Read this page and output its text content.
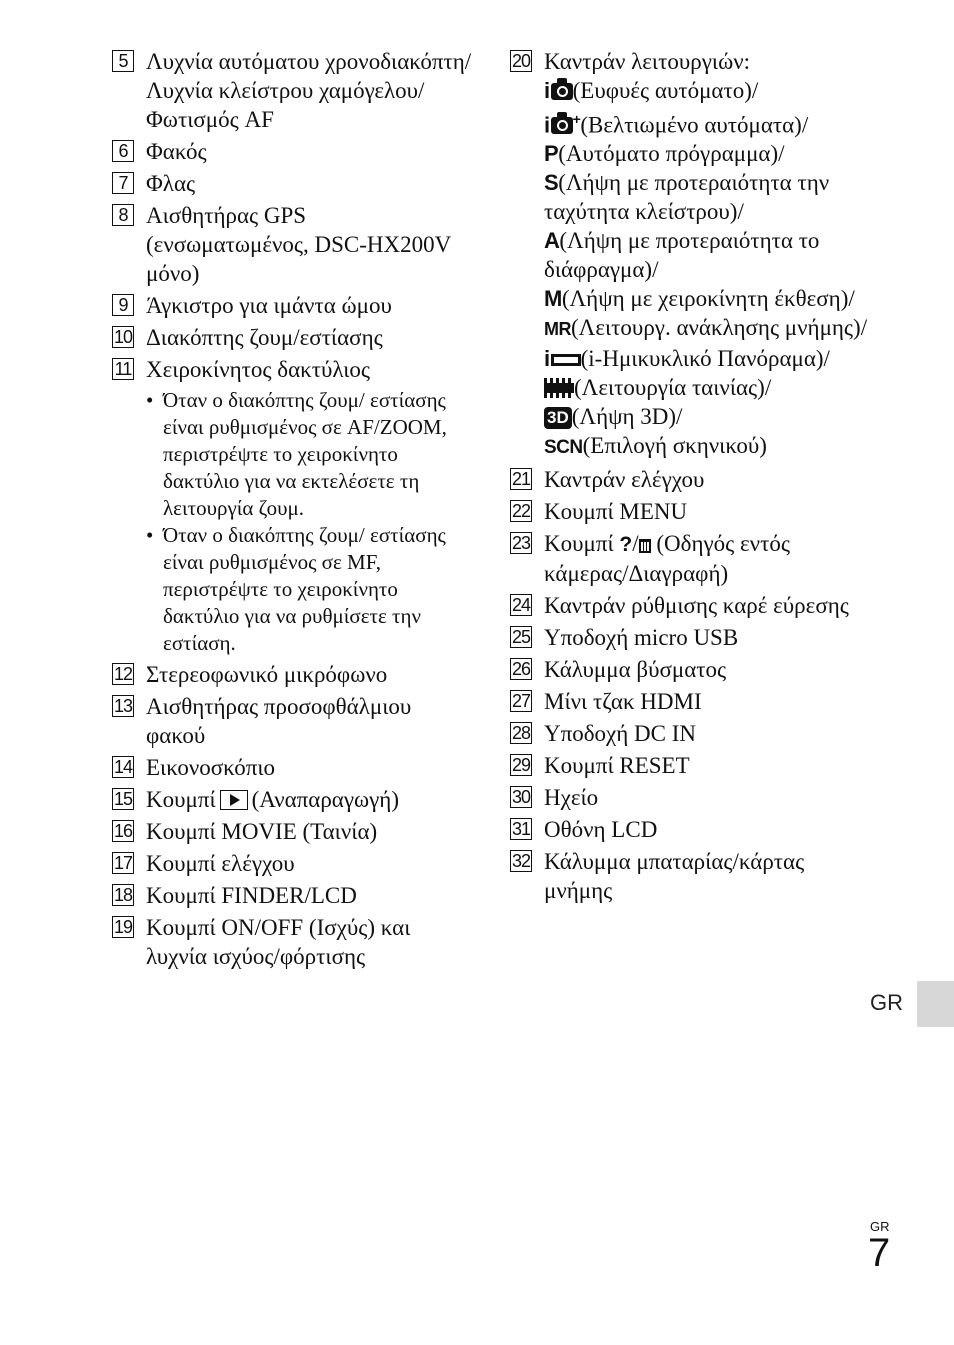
5 Λυχνία αυτόματου χρονοδιακόπτη/Λυχνία κλείστρου χαμόγελου/ Φωτισμός AF
6 Φακός
7 Φλας
8 Αισθητήρας GPS (ενσωματωμένος, DSC-HX200V μόνο)
9 Άγκιστρο για ιμάντα ώμου
10 Διακόπτης ζουμ/εστίασης
11 Χειροκίνητος δακτύλιος
• Όταν ο διακόπτης ζουμ/ εστίασης είναι ρυθμισμένος σε AF/ZOOM, περιστρέψτε το χειροκίνητο δακτύλιο για να εκτελέσετε τη λειτουργία ζουμ.
• Όταν ο διακόπτης ζουμ/ εστίασης είναι ρυθμισμένος σε MF, περιστρέψτε το χειροκίνητο δακτύλιο για να ρυθμίσετε την εστίαση.
12 Στερεοφωνικό μικρόφωνο
13 Αισθητήρας προσοφθάλμιου φακού
14 Εικονοσκόπιο
15 Κουμπί (Αναπαραγωγή)
16 Κουμπί MOVIE (Ταινία)
17 Κουμπί ελέγχου
18 Κουμπί FINDER/LCD
19 Κουμπί ON/OFF (Ισχύς) και λυχνία ισχύος/φόρτισης
20 Καντράν λειτουργιών:
i (Ευφυές αυτόματο)/
i +(Βελτιωμένο αυτόματα)/
P(Αυτόματο πρόγραμμα)/
S(Λήψη με προτεραιότητα την ταχύτητα κλείστρου)/
A(Λήψη με προτεραιότητα το διάφραγμα)/
M(Λήψη με χειροκίνητη έκθεση)/
MR(Λειτουργ. ανάκλησης μνήμης)/
i (i-Ημικυκλικό Πανόραμα)/
(Λειτουργία ταινίας)/
3D (Λήψη 3D)/
SCN(Επιλογή σκηνικού)
21 Καντράν ελέγχου
22 Κουμπί MENU
23 Κουμπί ?/ (Οδηγός εντός κάμερας/Διαγραφή)
24 Καντράν ρύθμισης καρέ εύρεσης
25 Υποδοχή micro USB
26 Κάλυμμα βύσματος
27 Μίνι τζακ HDMI
28 Υποδοχή DC IN
29 Κουμπί RESET
30 Ηχείο
31 Οθόνη LCD
32 Κάλυμμα μπαταρίας/κάρτας μνήμης
GR
GR
7
